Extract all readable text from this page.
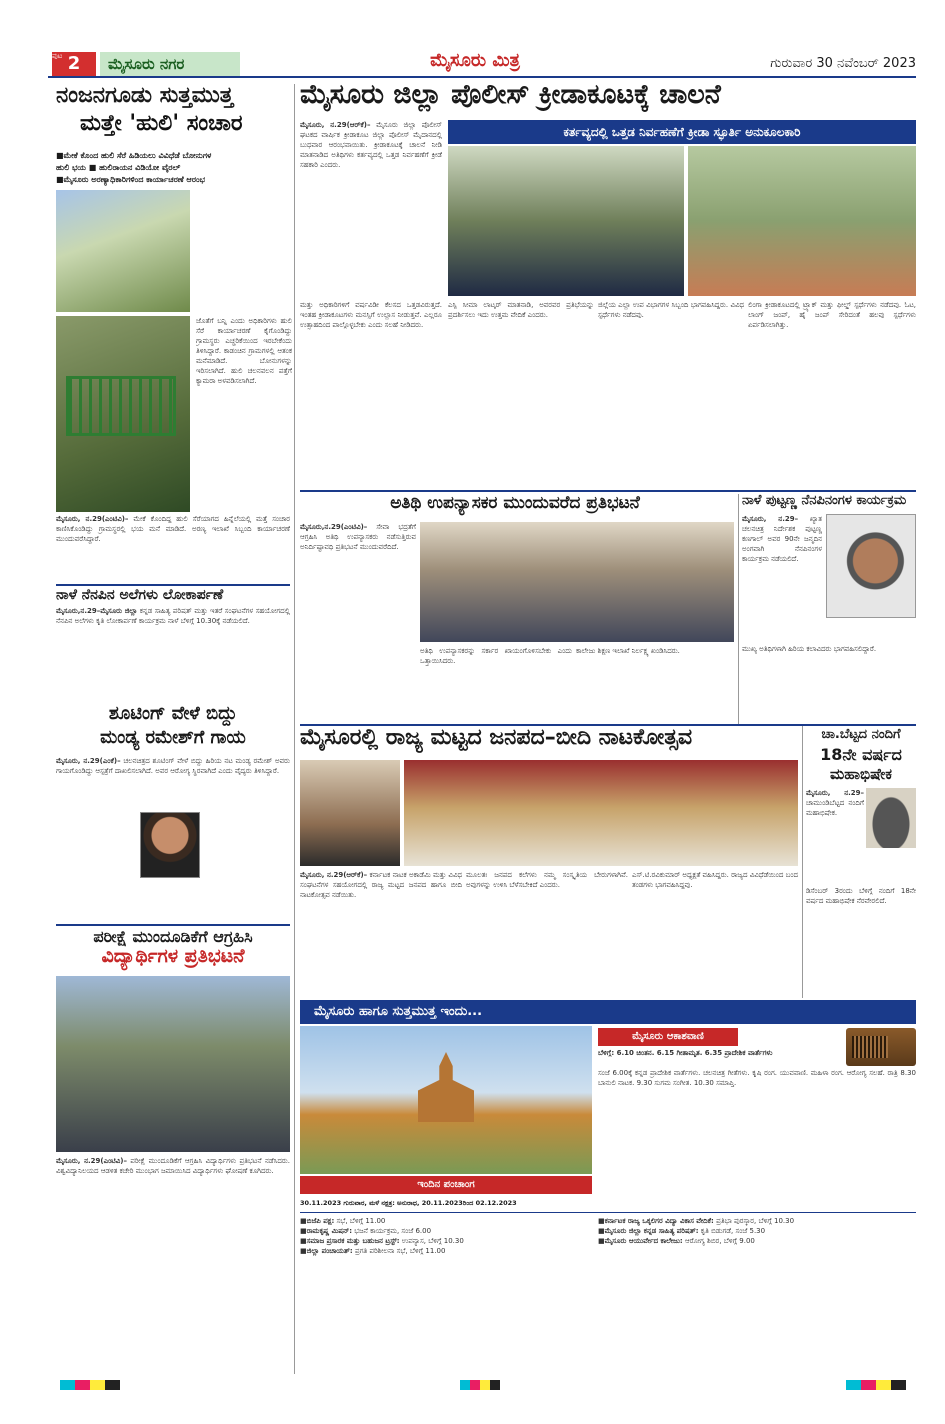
2
ಪುಟ	ಮೈಸೂರು ನಗರ	ಮೈಸೂರು ಮಿತ್ರ	ಗುರುವಾರ 30 ನವೆಂಬರ್ 2023
ನಂಜನಗೂಡು ಸುತ್ತಮುತ್ತ
ಮತ್ತೇ 'ಹುಲಿ' ಸಂಚಾರ
■ಮೇಕೆ ಕೊಂದ ಹುಲಿ ಸೆರೆ ಹಿಡಿಯಲು ವಿವಿಧೆಡೆ ಬೋನುಗಳ
ಹುಲಿ ಭಯ ■ ಹುಲಿರಾಯನ ವಿಡಿಯೋ ವೈರಲ್
■ಮೈಸೂರು ಅರಣ್ಯಾಧಿಕಾರಿಗಳಿಂದ ಕಾರ್ಯಾಚರಣೆ ಆರಂಭ
ಜೊತೆಗೆ ಬನ್ನಿ ಎಂದು ಅಧಿಕಾರಿಗಳು ಹುಲಿ ಸೆರೆ ಕಾರ್ಯಾಚರಣೆ ಕೈಗೊಂಡಿದ್ದು ಗ್ರಾಮಸ್ಥರು ಎಚ್ಚರಿಕೆಯಿಂದ ಇರಬೇಕೆಂದು ತಿಳಿಸಿದ್ದಾರೆ. ಕಾಡಂಚಿನ ಗ್ರಾಮಗಳಲ್ಲಿ ಆತಂಕ ಮನೆಮಾಡಿದೆ. ಬೋನುಗಳನ್ನು ಇರಿಸಲಾಗಿದೆ. ಹುಲಿ ಚಲನವಲನ ಪತ್ತೆಗೆ ಕ್ಯಾಮರಾ ಅಳವಡಿಸಲಾಗಿದೆ.
ಮೈಸೂರು, ನ.29(ಎಂಟಿವಿ)– ಮೇಕೆ ಕೊಂದಿದ್ದ ಹುಲಿ ಸೆರೆಯಾಗದ ಹಿನ್ನೆಲೆಯಲ್ಲಿ ಮತ್ತೆ ಸಂಚಾರ ಕಾಣಿಸಿಕೊಂಡಿದ್ದು ಗ್ರಾಮಸ್ಥರಲ್ಲಿ ಭಯ ಮನೆ ಮಾಡಿದೆ. ಅರಣ್ಯ ಇಲಾಖೆ ಸಿಬ್ಬಂದಿ ಕಾರ್ಯಾಚರಣೆ ಮುಂದುವರೆಸಿದ್ದಾರೆ.
ನಾಳೆ ನೆನಪಿನ ಅಲೆಗಳು ಲೋಕಾರ್ಪಣೆ
ಮೈಸೂರು,ನ.29–ಮೈಸೂರು ಜಿಲ್ಲಾ ಕನ್ನಡ ಸಾಹಿತ್ಯ ಪರಿಷತ್ ಮತ್ತು ಇತರೆ ಸಂಘಟನೆಗಳ ಸಹಯೋಗದಲ್ಲಿ ನೆನಪಿನ ಅಲೆಗಳು ಕೃತಿ ಲೋಕಾರ್ಪಣೆ ಕಾರ್ಯಕ್ರಮ ನಾಳೆ ಬೆಳಿಗ್ಗೆ 10.30ಕ್ಕೆ ನಡೆಯಲಿದೆ.
ಶೂಟಿಂಗ್ ವೇಳೆ ಬಿದ್ದು
ಮಂಡ್ಯ ರಮೇಶ್‌ಗೆ ಗಾಯ
ಮೈಸೂರು, ನ.29(ಎಂಕೆ)– ಚಲನಚಿತ್ರದ ಶೂಟಿಂಗ್ ವೇಳೆ ಬಿದ್ದು ಹಿರಿಯ ನಟ ಮಂಡ್ಯ ರಮೇಶ್ ಅವರು ಗಾಯಗೊಂಡಿದ್ದು ಆಸ್ಪತ್ರೆಗೆ ದಾಖಲಿಸಲಾಗಿದೆ. ಅವರ ಆರೋಗ್ಯ ಸ್ಥಿರವಾಗಿದೆ ಎಂದು ವೈದ್ಯರು ತಿಳಿಸಿದ್ದಾರೆ.
ಪರೀಕ್ಷೆ ಮುಂದೂಡಿಕೆಗೆ ಆಗ್ರಹಿಸಿ
ವಿದ್ಯಾರ್ಥಿಗಳ ಪ್ರತಿಭಟನೆ
ಮೈಸೂರು, ನ.29(ಎಂಟಿವಿ)– ಪರೀಕ್ಷೆ ಮುಂದೂಡಿಕೆಗೆ ಆಗ್ರಹಿಸಿ ವಿದ್ಯಾರ್ಥಿಗಳು ಪ್ರತಿಭಟನೆ ನಡೆಸಿದರು. ವಿಶ್ವವಿದ್ಯಾನಿಲಯದ ಆಡಳಿತ ಕಚೇರಿ ಮುಂಭಾಗ ಜಮಾಯಿಸಿದ ವಿದ್ಯಾರ್ಥಿಗಳು ಘೋಷಣೆ ಕೂಗಿದರು.
ಮೈಸೂರು ಜಿಲ್ಲಾ ಪೊಲೀಸ್ ಕ್ರೀಡಾಕೂಟಕ್ಕೆ ಚಾಲನೆ
ಕರ್ತವ್ಯದಲ್ಲಿ ಒತ್ತಡ ನಿರ್ವಹಣೆಗೆ ಕ್ರೀಡಾ ಸ್ಫೂರ್ತಿ ಅನುಕೂಲಕಾರಿ
ಮೈಸೂರು, ನ.29(ಆರ್‌ಕೆ)– ಮೈಸೂರು ಜಿಲ್ಲಾ ಪೊಲೀಸ್ ಘಟಕದ ವಾರ್ಷಿಕ ಕ್ರೀಡಾಕೂಟ ಜಿಲ್ಲಾ ಪೊಲೀಸ್ ಮೈದಾನದಲ್ಲಿ ಬುಧವಾರ ಆರಂಭವಾಯಿತು. ಕ್ರೀಡಾಕೂಟಕ್ಕೆ ಚಾಲನೆ ನೀಡಿ ಮಾತನಾಡಿದ ಅತಿಥಿಗಳು ಕರ್ತವ್ಯದಲ್ಲಿ ಒತ್ತಡ ನಿರ್ವಹಣೆಗೆ ಕ್ರೀಡೆ ಸಹಕಾರಿ ಎಂದರು.
ಮತ್ತು ಅಧಿಕಾರಿಗಳಿಗೆ ವರ್ಷವಿಡೀ ಕೆಲಸದ ಒತ್ತಡವಿರುತ್ತದೆ. ಇಂತಹ ಕ್ರೀಡಾಕೂಟಗಳು ಮನಸ್ಸಿಗೆ ಉಲ್ಲಾಸ ನೀಡುತ್ತವೆ. ಎಲ್ಲರೂ ಉತ್ಸಾಹದಿಂದ ಪಾಲ್ಗೊಳ್ಳಬೇಕು ಎಂದು ಸಲಹೆ ನೀಡಿದರು.
ಎಸ್ಪಿ ಸೀಮಾ ಲಾಟ್ಕರ್ ಮಾತನಾಡಿ, ಅವರವರ ಪ್ರತಿಭೆಯನ್ನು ಪ್ರದರ್ಶಿಸಲು ಇದು ಉತ್ತಮ ವೇದಿಕೆ ಎಂದರು.
ಜಿಲ್ಲೆಯ ಎಲ್ಲಾ ಉಪ ವಿಭಾಗಗಳ ಸಿಬ್ಬಂದಿ ಭಾಗವಹಿಸಿದ್ದರು. ವಿವಿಧ ಸ್ಪರ್ಧೆಗಳು ನಡೆದವು.
ಲಿಂಗಾ ಕ್ರೀಡಾಕೂಟದಲ್ಲಿ ಟ್ರ್ಯಾಕ್ ಮತ್ತು ಫೀಲ್ಡ್ ಸ್ಪರ್ಧೆಗಳು ನಡೆದವು. ಓಟ, ಲಾಂಗ್ ಜಂಪ್, ಹೈ ಜಂಪ್ ಸೇರಿದಂತೆ ಹಲವು ಸ್ಪರ್ಧೆಗಳು ಏರ್ಪಡಿಸಲಾಗಿತ್ತು.
ಅತಿಥಿ ಉಪನ್ಯಾಸಕರ ಮುಂದುವರೆದ ಪ್ರತಿಭಟನೆ
ಮೈಸೂರು,ನ.29(ಎಂಟಿವಿ)– ಸೇವಾ ಭದ್ರತೆಗೆ ಆಗ್ರಹಿಸಿ ಅತಿಥಿ ಉಪನ್ಯಾಸಕರು ನಡೆಸುತ್ತಿರುವ ಅನಿರ್ದಿಷ್ಟಾವಧಿ ಪ್ರತಿಭಟನೆ ಮುಂದುವರೆದಿದೆ.
ಅತಿಥಿ ಉಪನ್ಯಾಸಕರನ್ನು ಸರ್ಕಾರ ಖಾಯಂಗೊಳಿಸಬೇಕು ಎಂದು ಒತ್ತಾಯಿಸಿದರು.
ಕಾಲೇಜು ಶಿಕ್ಷಣ ಇಲಾಖೆ ನಿರ್ಲಕ್ಷ್ಯ ಖಂಡಿಸಿದರು.
ನಾಳೆ ಪುಟ್ಟಣ್ಣ ನೆನಪಿನಂಗಳ ಕಾರ್ಯಕ್ರಮ
ಮೈಸೂರು, ನ.29– ಖ್ಯಾತ ಚಲನಚಿತ್ರ ನಿರ್ದೇಶಕ ಪುಟ್ಟಣ್ಣ ಕಣಗಾಲ್ ಅವರ 90ನೇ ಜನ್ಮದಿನ ಅಂಗವಾಗಿ ನೆನಪಿನಂಗಳ ಕಾರ್ಯಕ್ರಮ ನಡೆಯಲಿದೆ.
ಮುಖ್ಯ ಅತಿಥಿಗಳಾಗಿ ಹಿರಿಯ ಕಲಾವಿದರು ಭಾಗವಹಿಸಲಿದ್ದಾರೆ.
ಮೈಸೂರಲ್ಲಿ ರಾಜ್ಯ ಮಟ್ಟದ ಜನಪದ–ಬೀದಿ ನಾಟಕೋತ್ಸವ
ಮೈಸೂರು, ನ.29(ಆರ್‌ಕೆ)– ಕರ್ನಾಟಕ ನಾಟಕ ಅಕಾಡೆಮಿ ಮತ್ತು ವಿವಿಧ ಸಂಘಟನೆಗಳ ಸಹಯೋಗದಲ್ಲಿ ರಾಜ್ಯ ಮಟ್ಟದ ಜನಪದ ಹಾಗೂ ಬೀದಿ ನಾಟಕೋತ್ಸವ ನಡೆಯಿತು.
ಮೂಲತಃ ಜನಪದ ಕಲೆಗಳು ನಮ್ಮ ಸಂಸ್ಕೃತಿಯ ಬೇರುಗಳಾಗಿವೆ. ಅವುಗಳನ್ನು ಉಳಿಸಿ ಬೆಳೆಸಬೇಕಿದೆ ಎಂದರು.
ಎಸ್.ಟಿ.ರವಿಕುಮಾರ್ ಅಧ್ಯಕ್ಷತೆ ವಹಿಸಿದ್ದರು. ರಾಜ್ಯದ ವಿವಿಧೆಡೆಯಿಂದ ಬಂದ ತಂಡಗಳು ಭಾಗವಹಿಸಿದ್ದವು.
ಚಾ.ಬೆಟ್ಟದ ನಂದಿಗೆ
18ನೇ ವರ್ಷದ
ಮಹಾಭಿಷೇಕ
ಮೈಸೂರು, ನ.29– ಚಾಮುಂಡಿಬೆಟ್ಟದ ನಂದಿಗೆ ಮಹಾಭಿಷೇಕ.
ಡಿಸೆಂಬರ್ 3ರಂದು ಬೆಳಿಗ್ಗೆ ನಂದಿಗೆ 18ನೇ ವರ್ಷದ ಮಹಾಭಿಷೇಕ ನೆರವೇರಲಿದೆ.
ಮೈಸೂರು ಹಾಗೂ ಸುತ್ತಮುತ್ತ ಇಂದು...
ಇಂದಿನ ಪಂಚಾಂಗ
30.11.2023 ಗುರುವಾರ, ಮಳೆ ನಕ್ಷತ್ರ: ಅನುರಾಧ, 20.11.2023ರಿಂದ 02.12.2023
ಮೈಸೂರು ಆಕಾಶವಾಣಿ
ಬೆಳಿಗ್ಗೆ: 6.10 ಚಿಂತನ. 6.15 ಗೀತಾಮೃತ. 6.35 ಪ್ರಾದೇಶಿಕ ವಾರ್ತೆಗಳು
ಸಂಜೆ 6.00ಕ್ಕೆ ಕನ್ನಡ ಪ್ರಾದೇಶಿಕ ವಾರ್ತೆಗಳು. ಚಲನಚಿತ್ರ ಗೀತೆಗಳು. ಕೃಷಿ ರಂಗ. ಯುವವಾಣಿ. ಮಹಿಳಾ ರಂಗ. ಆರೋಗ್ಯ ಸಲಹೆ. ರಾತ್ರಿ 8.30 ಬಾನುಲಿ ನಾಟಕ. 9.30 ಸುಗಮ ಸಂಗೀತ. 10.30 ಸಮಾಪ್ತಿ.
■ಬಿಜೆಪಿ ಪಕ್ಷ: ಸಭೆ, ಬೆಳಿಗ್ಗೆ 11.00
■ರಾಮಕೃಷ್ಣ ಮಿಷನ್: ಭಜನೆ ಕಾರ್ಯಕ್ರಮ, ಸಂಜೆ 6.00
■ಸಮಾಜ ಪ್ರಸಾರಕ ಮತ್ತು ಬಹುಜನ ಟ್ರಸ್ಟ್: ಉಪನ್ಯಾಸ, ಬೆಳಿಗ್ಗೆ 10.30
■ಜಿಲ್ಲಾ ಪಂಚಾಯತ್: ಪ್ರಗತಿ ಪರಿಶೀಲನಾ ಸಭೆ, ಬೆಳಿಗ್ಗೆ 11.00
■ಕರ್ನಾಟಕ ರಾಜ್ಯ ಒಕ್ಕಲಿಗರ ವಿದ್ಯಾ ವಿಕಾಸ ವೇದಿಕೆ: ಪ್ರತಿಭಾ ಪುರಸ್ಕಾರ, ಬೆಳಿಗ್ಗೆ 10.30
■ಮೈಸೂರು ಜಿಲ್ಲಾ ಕನ್ನಡ ಸಾಹಿತ್ಯ ಪರಿಷತ್: ಕೃತಿ ಬಿಡುಗಡೆ, ಸಂಜೆ 5.30
■ಮೈಸೂರು ಆಯುರ್ವೇದ ಕಾಲೇಜು: ಆರೋಗ್ಯ ಶಿಬಿರ, ಬೆಳಿಗ್ಗೆ 9.00
